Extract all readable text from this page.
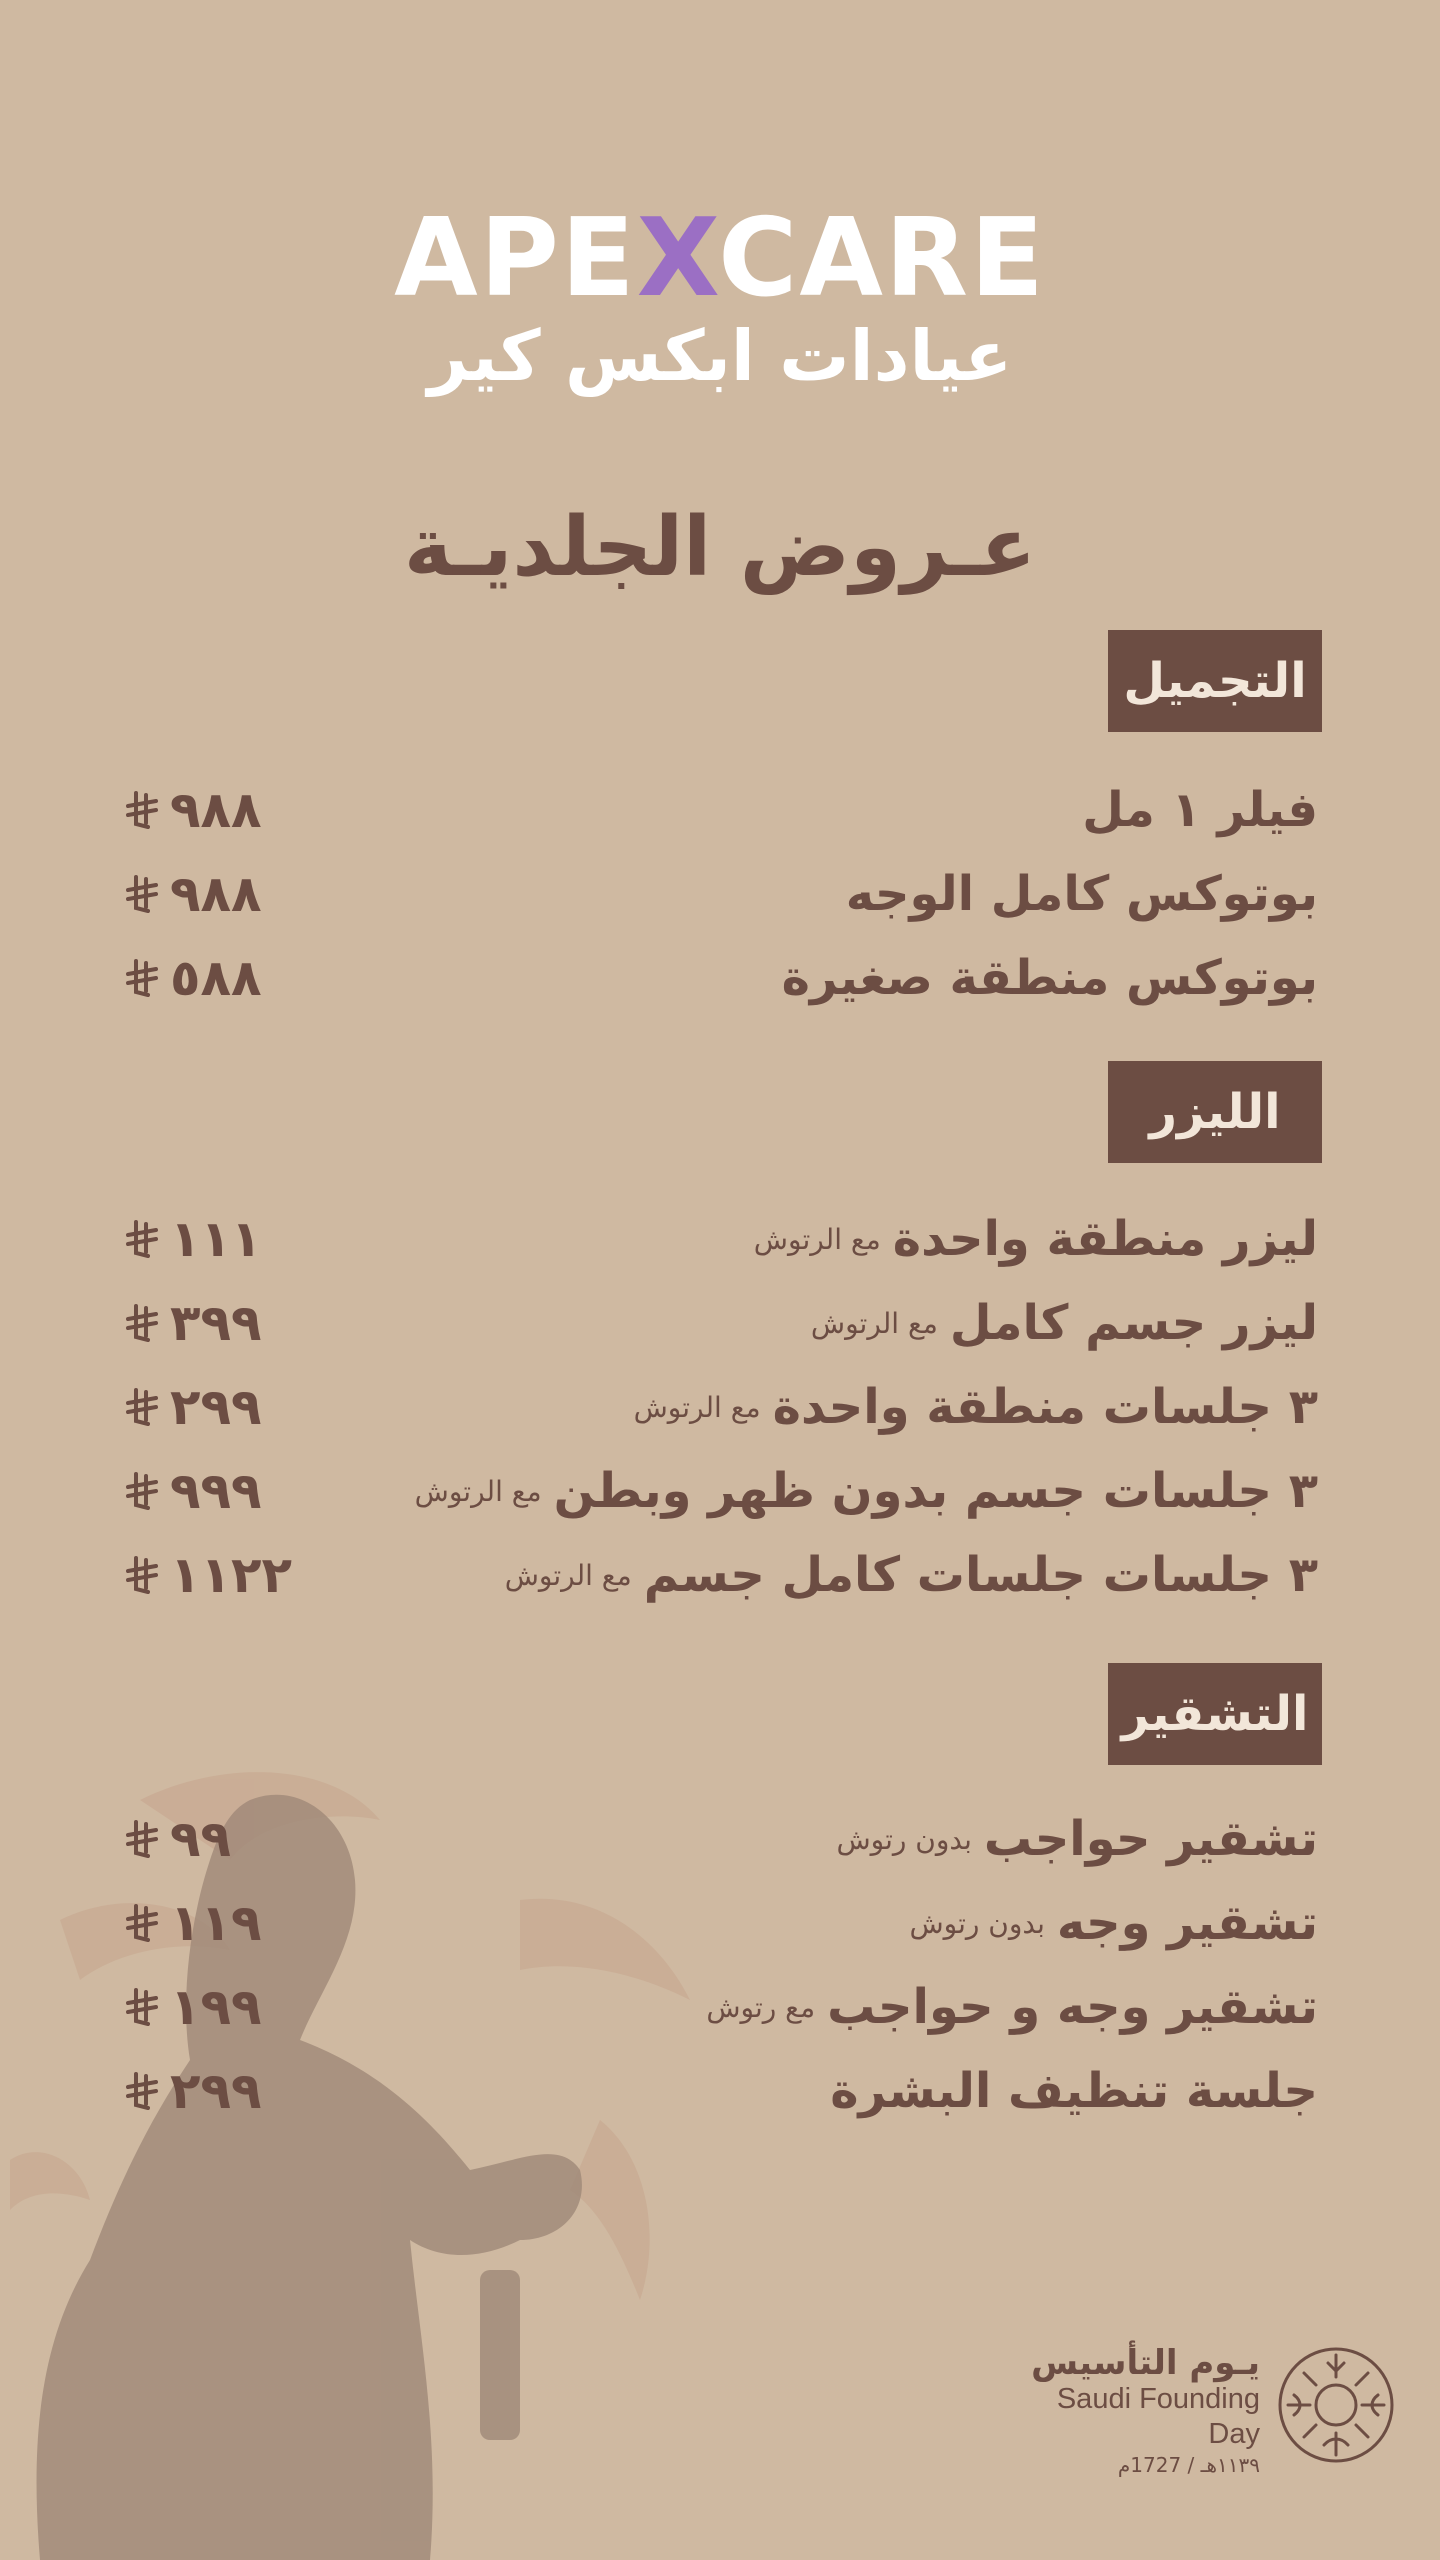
APEXCARE
عيادات ابكس كير
عـروض الجلديـة
التجميل
فيلر ١ مل
٩٨٨
بوتوكس كامل الوجه
٩٨٨
بوتوكس منطقة صغيرة
٥٨٨
الليزر
ليزر منطقة واحدة
مع الرتوش
١١١
ليزر جسم كامل
مع الرتوش
٣٩٩
٣ جلسات منطقة واحدة
مع الرتوش
٢٩٩
٣ جلسات جسم بدون ظهر وبطن
مع الرتوش
٩٩٩
٣ جلسات جلسات كامل جسم
مع الرتوش
١١٢٢
التشقير
تشقير حواجب
بدون رتوش
٩٩
تشقير وجه
بدون رتوش
١١٩
تشقير وجه و حواجب
مع رتوش
١٩٩
جلسة تنظيف البشرة
٢٩٩
يـوم التأسيس
Saudi Founding Day
١١٣٩هـ / 1727م
